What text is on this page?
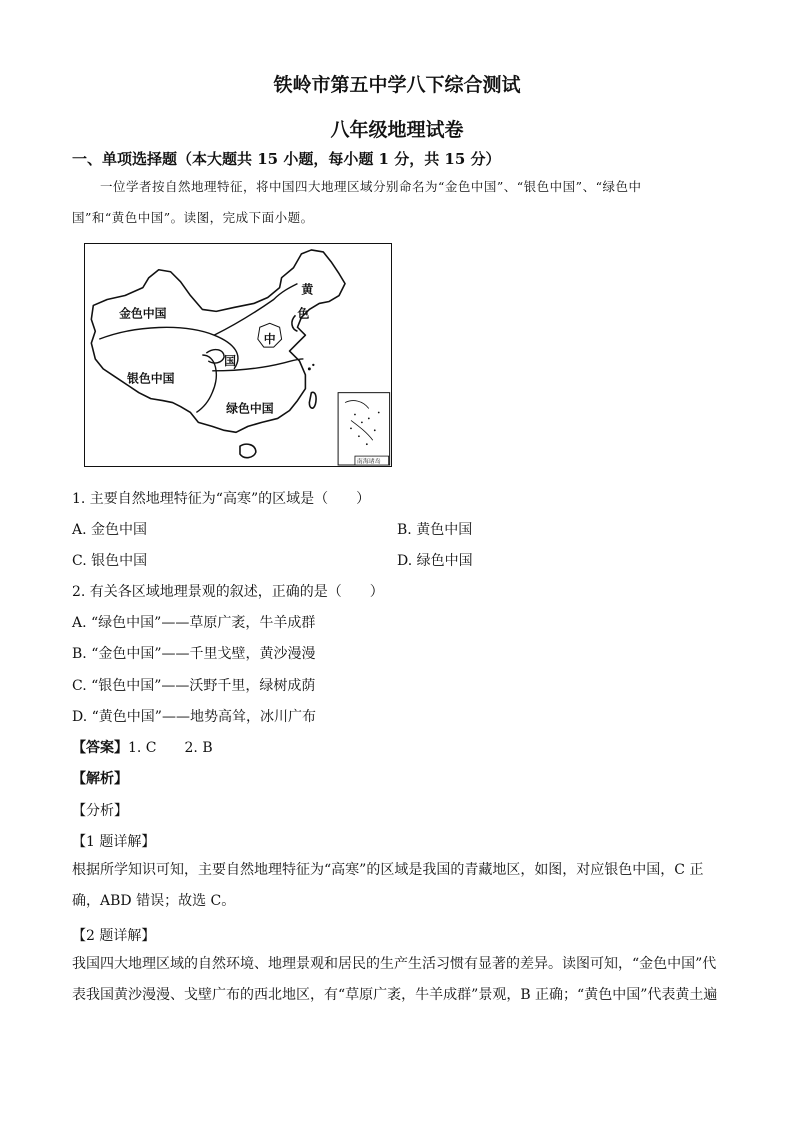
铁岭市第五中学八下综合测试
八年级地理试卷
一、单项选择题（本大题共 15 小题，每小题 1 分，共 15 分）
一位学者按自然地理特征，将中国四大地理区域分别命名为“金色中国”、“银色中国”、“绿色中
国”和“黄色中国”。读图，完成下面小题。
金色中国
银色中国
绿色中国
黄
色
中
国
南海诸岛
1. 主要自然地理特征为“高寒”的区域是（　　）
A. 金色中国	B. 黄色中国
C. 银色中国	D. 绿色中国
2. 有关各区域地理景观的叙述，正确的是（　　）
A. “绿色中国”——草原广袤，牛羊成群
B. “金色中国”——千里戈壁，黄沙漫漫
C. “银色中国”——沃野千里，绿树成荫
D. “黄色中国”——地势高耸，冰川广布
【答案】1. C　　2. B
【解析】
【分析】
【1 题详解】
根据所学知识可知，主要自然地理特征为“高寒”的区域是我国的青藏地区，如图，对应银色中国，C 正确，ABD 错误；故选 C。
【2 题详解】
我国四大地理区域的自然环境、地理景观和居民的生产生活习惯有显著的差异。读图可知，“金色中国”代表我国黄沙漫漫、戈壁广布的西北地区，有“草原广袤，牛羊成群”景观，B 正确；“黄色中国”代表黄土遍
